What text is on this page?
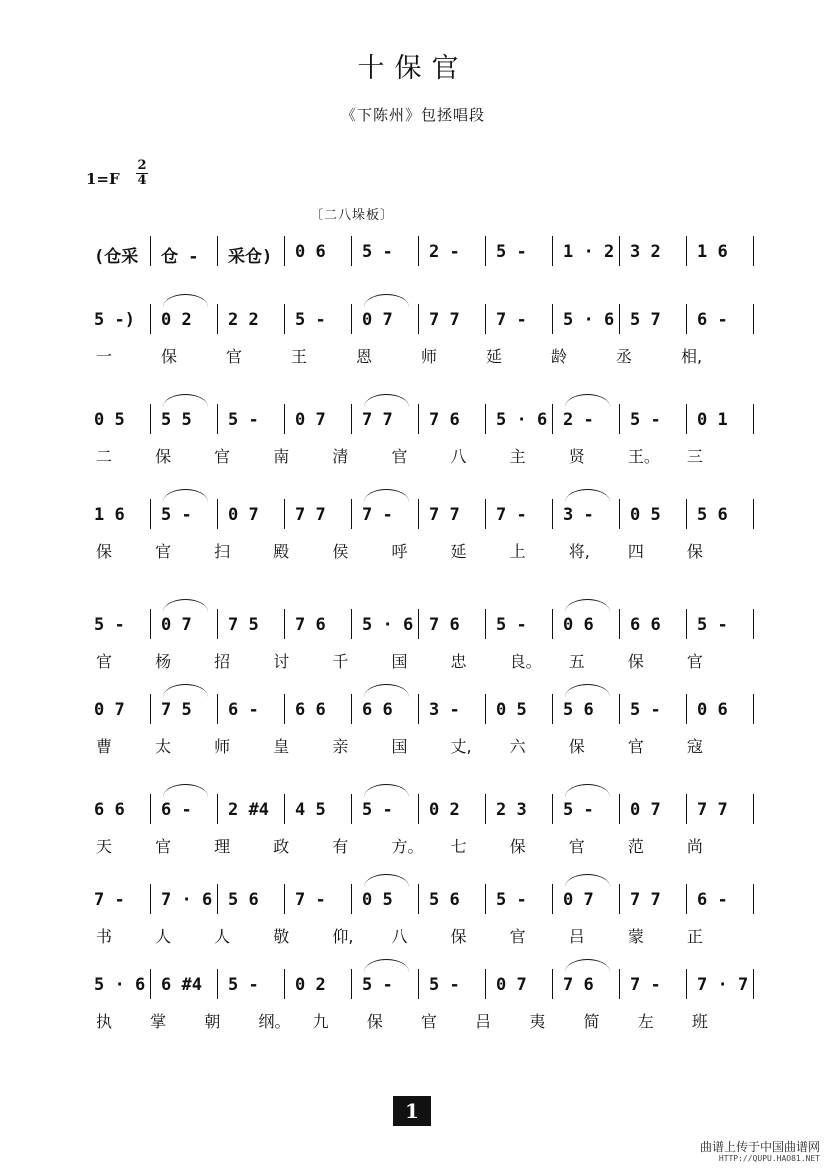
十保官
《下陈州》包拯唱段
1=F
2
4
〔二八垛板〕
(仓采 仓 - 采仓) 0 6 5 - 2 - 5 - 1 · 2 3 2 1 6
5 -) 0 2 2 2 5 - 0 7 7 7 7 - 5 · 6 5 7 6 -
一	保	官	王	恩	师	延	龄	丞	相,
0 5 5 5 5 - 0 7 7 7 7 6 5 · 6 2 - 5 - 0 1
二	保	官	南	清	官	八	主	贤	王。 三
1 6 5 - 0 7 7 7 7 - 7 7 7 - 3 - 0 5 5 6
保	官	扫	殿	侯	呼	延	上	将, 四	保
5 - 0 7 7 5 7 6 5 · 6 7 6 5 - 0 6 6 6 5 -
官	杨	招	讨	千	国	忠	良。 五	保	官
0 7 7 5 6 - 6 6 6 6 3 - 0 5 5 6 5 - 0 6
曹	太	师	皇	亲	国	丈, 六	保	官	寇
6 6 6 - 2 #4 4 5 5 - 0 2 2 3 5 - 0 7 7 7
天	官	理	政	有	方。 七	保	官	范	尚
7 - 7 · 6 5 6 7 - 0 5 5 6 5 - 0 7 7 7 6 -
书	人	人	敬	仰, 八	保	官	吕	蒙	正
5 · 6 6 #4 5 - 0 2 5 - 5 - 0 7 7 6 7 - 7 · 7
执 掌 朝 纲。 九 保 官 吕 夷 简 左 班
1
曲谱上传于中国曲谱网
HTTP://QUPU.HAO81.NET
